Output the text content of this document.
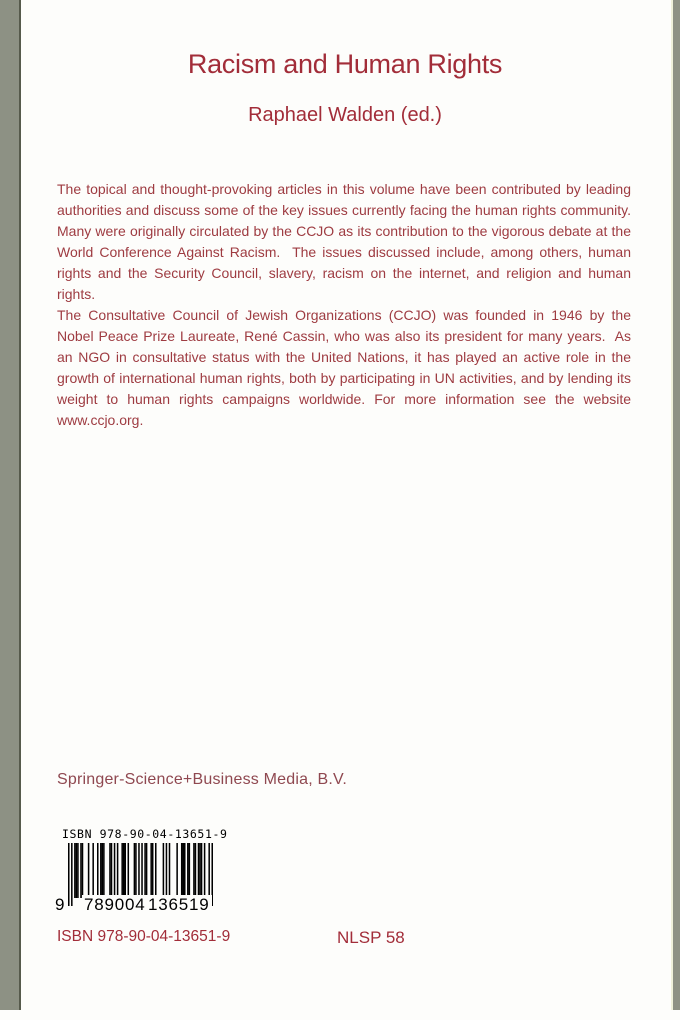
Racism and Human Rights
Raphael Walden (ed.)

The topical and thought-provoking articles in this volume have been contributed by leading authorities and discuss some of the key issues currently facing the human rights community.  Many were originally circulated by the CCJO as its contribution to the vigorous debate at the World Conference Against Racism.  The issues discussed include, among others, human rights and the Security Council, slavery, racism on the internet, and religion and human rights.

The Consultative Council of Jewish Organizations (CCJO) was founded in 1946 by the Nobel Peace Prize Laureate, René Cassin, who was also its president for many years.  As an NGO in consultative status with the United Nations, it has played an active role in the growth of international human rights, both by participating in UN activities, and by lending its weight to human rights campaigns worldwide. For more information see the website www.ccjo.org.

Springer-Science+Business Media, B.V.
ISBN 978-90-04-13651-9
9 789004 136519
ISBN 978-90-04-13651-9	NLSP 58
